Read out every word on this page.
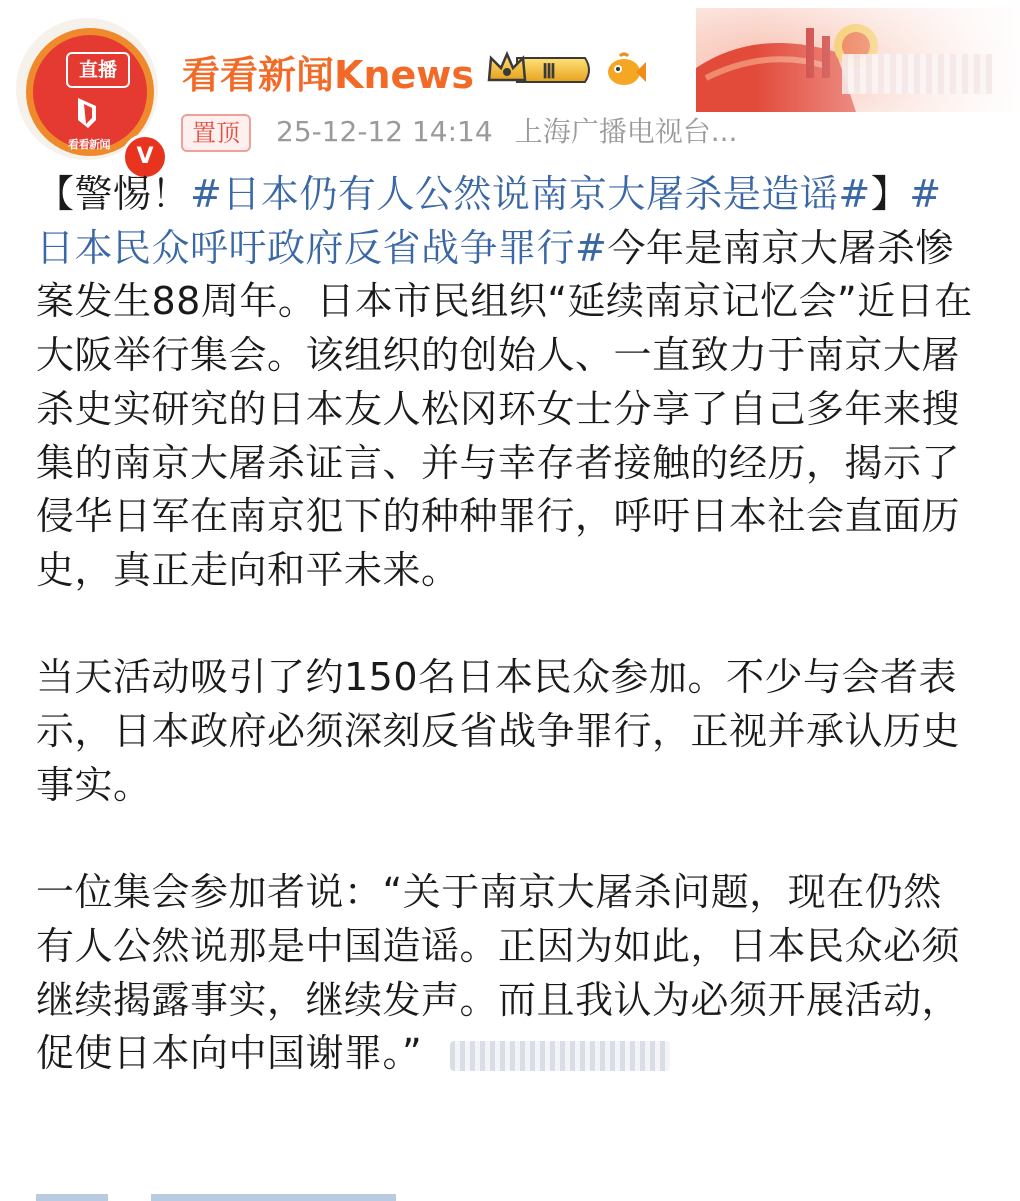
直播
看看新闻	V
看看新闻Knews	Ⅲ
置顶	25-12-12 14:14 上海广播电视台...

【警惕！#日本仍有人公然说南京大屠杀是造谣#】#日本民众呼吁政府反省战争罪行#今年是南京大屠杀惨案发生88周年。日本市民组织“延续南京记忆会”近日在大阪举行集会。该组织的创始人、一直致力于南京大屠杀史实研究的日本友人松冈环女士分享了自己多年来搜集的南京大屠杀证言、并与幸存者接触的经历，揭示了侵华日军在南京犯下的种种罪行，呼吁日本社会直面历史，真正走向和平未来。

当天活动吸引了约150名日本民众参加。不少与会者表示，日本政府必须深刻反省战争罪行，正视并承认历史事实。

一位集会参加者说：“关于南京大屠杀问题，现在仍然有人公然说那是中国造谣。正因为如此，日本民众必须继续揭露事实，继续发声。而且我认为必须开展活动，促使日本向中国谢罪。”
